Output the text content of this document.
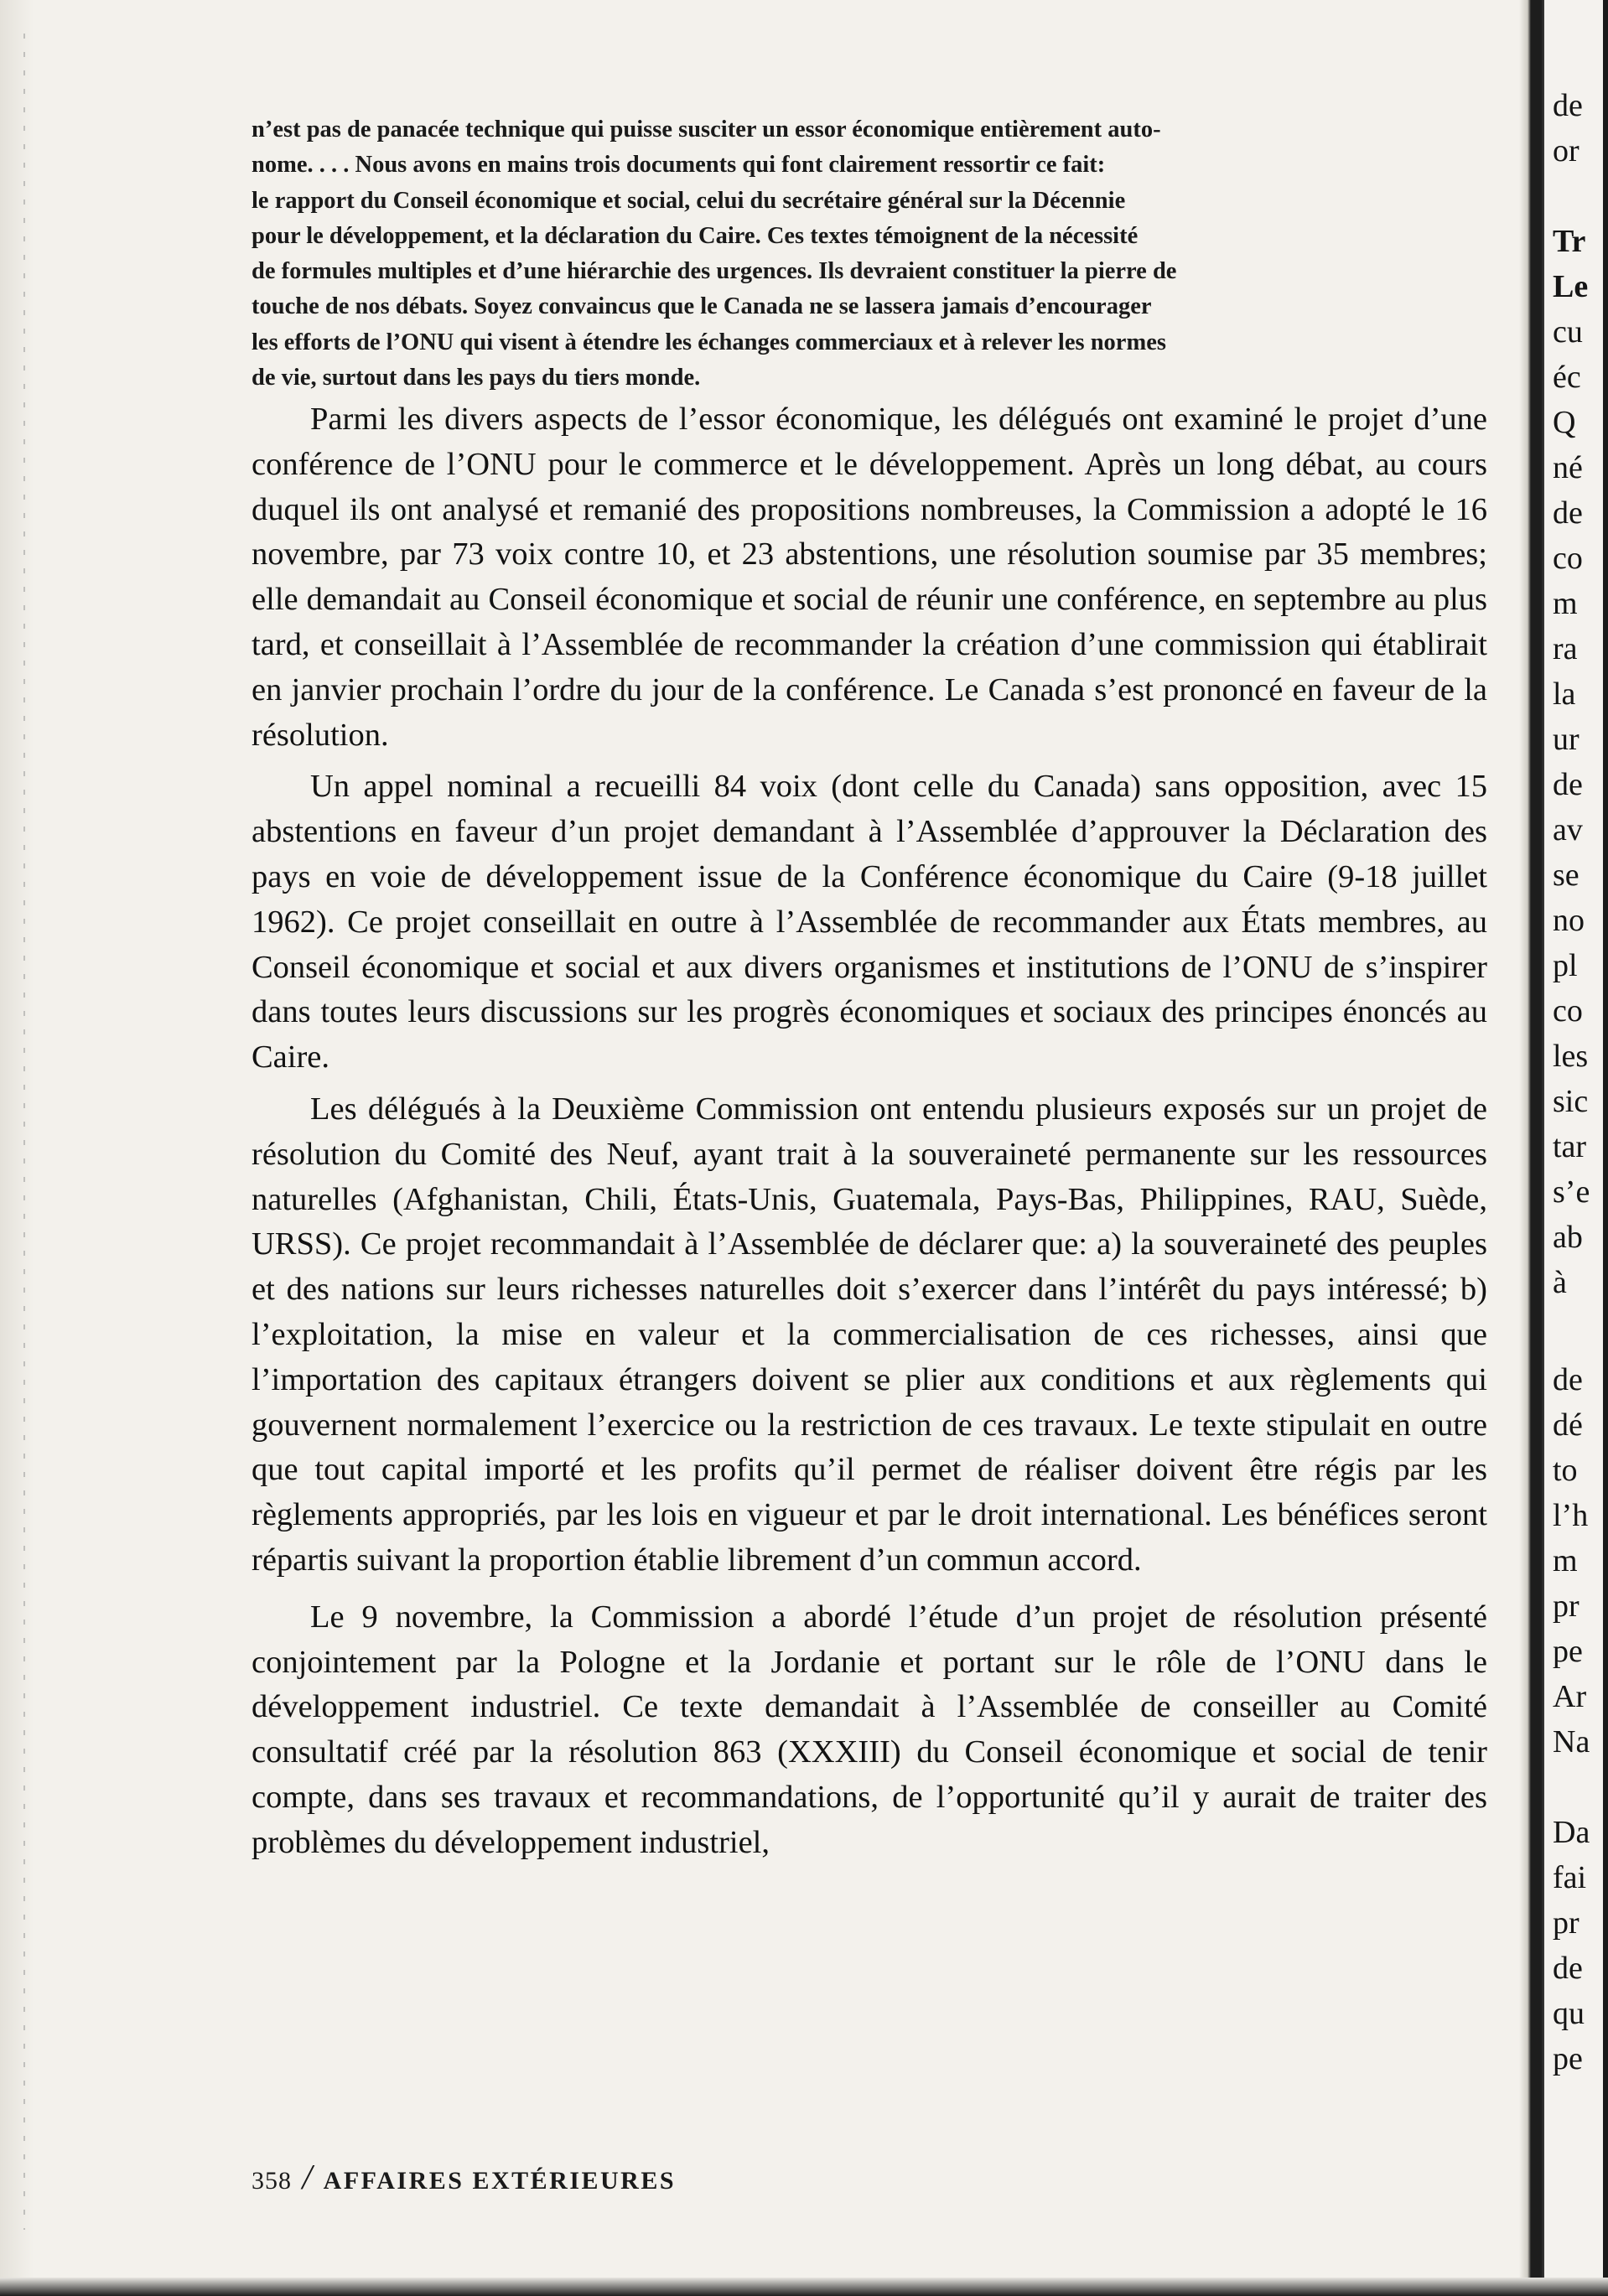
n’est pas de panacée technique qui puisse susciter un essor économique entièrement auto-
nome. . . . Nous avons en mains trois documents qui font clairement ressortir ce fait:
le rapport du Conseil économique et social, celui du secrétaire général sur la Décennie
pour le développement, et la déclaration du Caire. Ces textes témoignent de la nécessité
de formules multiples et d’une hiérarchie des urgences. Ils devraient constituer la pierre de
touche de nos débats. Soyez convaincus que le Canada ne se lassera jamais d’encourager
les efforts de l’ONU qui visent à étendre les échanges commerciaux et à relever les normes
de vie, surtout dans les pays du tiers monde.

Parmi les divers aspects de l’essor économique, les délégués ont examiné le projet d’une conférence de l’ONU pour le commerce et le développement. Après un long débat, au cours duquel ils ont analysé et remanié des propositions nombreuses, la Commission a adopté le 16 novembre, par 73 voix contre 10, et 23 abstentions, une résolution soumise par 35 membres; elle demandait au Conseil économique et social de réunir une conférence, en septembre au plus tard, et conseillait à l’Assemblée de recommander la création d’une commission qui établirait en janvier prochain l’ordre du jour de la conférence. Le Canada s’est prononcé en faveur de la résolution.

Un appel nominal a recueilli 84 voix (dont celle du Canada) sans opposition, avec 15 abstentions en faveur d’un projet demandant à l’Assemblée d’approuver la Déclaration des pays en voie de développement issue de la Conférence économique du Caire (9-18 juillet 1962). Ce projet conseillait en outre à l’Assemblée de recommander aux États membres, au Conseil économique et social et aux divers organismes et institutions de l’ONU de s’inspirer dans toutes leurs discussions sur les progrès économiques et sociaux des principes énoncés au Caire.

Les délégués à la Deuxième Commission ont entendu plusieurs exposés sur un projet de résolution du Comité des Neuf, ayant trait à la souveraineté permanente sur les ressources naturelles (Afghanistan, Chili, États-Unis, Guatemala, Pays-Bas, Philippines, RAU, Suède, URSS). Ce projet recommandait à l’Assemblée de déclarer que: a) la souveraineté des peuples et des nations sur leurs richesses naturelles doit s’exercer dans l’intérêt du pays intéressé; b) l’exploitation, la mise en valeur et la commercialisation de ces richesses, ainsi que l’importation des capitaux étrangers doivent se plier aux conditions et aux règlements qui gouvernent normalement l’exercice ou la restriction de ces travaux. Le texte stipulait en outre que tout capital importé et les profits qu’il permet de réaliser doivent être régis par les règlements appropriés, par les lois en vigueur et par le droit international. Les bénéfices seront répartis suivant la proportion établie librement d’un commun accord.

Le 9 novembre, la Commission a abordé l’étude d’un projet de résolution présenté conjointement par la Pologne et la Jordanie et portant sur le rôle de l’ONU dans le développement industriel. Ce texte demandait à l’Assemblée de conseiller au Comité consultatif créé par la résolution 863 (XXXIII) du Conseil économique et social de tenir compte, dans ses travaux et recommandations, de l’opportunité qu’il y aurait de traiter des problèmes du développement industriel,

358 / AFFAIRES EXTÉRIEURES
de
or
Tr
Le
cu
éc
Q
né
de
co
m
ra
la
ur
de
av
se
no
pl
co
les
sic
tar
s’e
ab
à
de
dé
to
l’h
m
pr
pe
Ar
Na
Da
fai
pr
de
qu
pe
